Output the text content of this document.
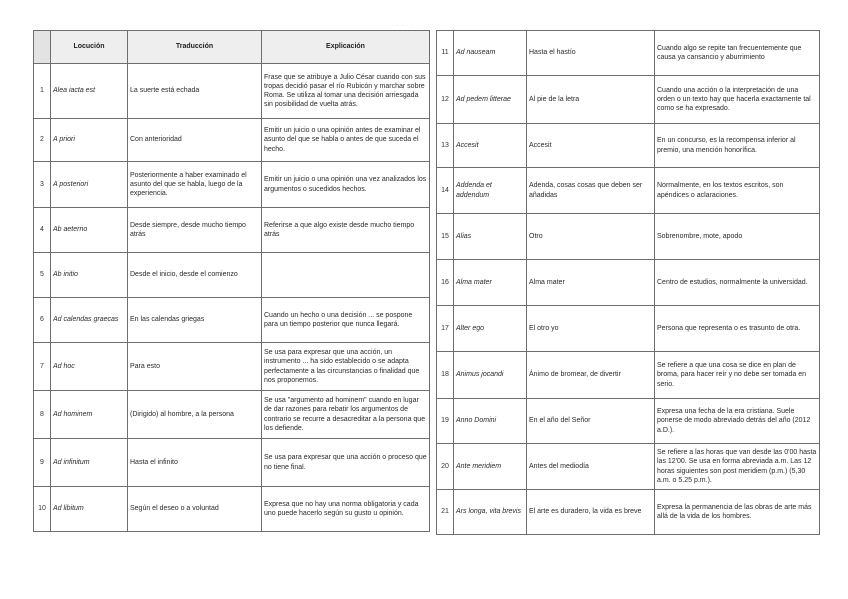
· · · · ·
	Locución	Traducción	Explicación
1	Alea iacta est	La suerte está echada	Frase que se atribuye a Julio César cuando con sus tropas decidió pasar el río Rubicón y marchar sobre Roma. Se utiliza al tomar una decisión arriesgada sin posibilidad de vuelta atrás.
2	A priori	Con anterioridad	Emitir un juicio o una opinión antes de examinar el asunto del que se habla o antes de que suceda el hecho.
3	A posteriori	Posteriormente a haber examinado el asunto del que se habla, luego de la experiencia.	Emitir un juicio o una opinión una vez analizados los argumentos o sucedidos hechos.
4	Ab aeterno	Desde siempre, desde mucho tiempo atrás	Referirse a que algo existe desde mucho tiempo atrás
5	Ab initio	Desde el inicio, desde el comienzo	
6	Ad calendas graecas	En las calendas griegas	Cuando un hecho o una decisión ... se pospone para un tiempo posterior que nunca llegará.
7	Ad hoc	Para esto	Se usa para expresar que una acción, un instrumento ... ha sido establecido o se adapta perfectamente a las circunstancias o finalidad que nos proponemos.
8	Ad hominem	(Dirigido) al hombre, a la persona	Se usa "argumento ad hominem" cuando en lugar de dar razones para rebatir los argumentos de contrario se recurre a desacreditar a la persona que los defiende.
9	Ad infinitum	Hasta el infinito	Se usa para expresar que una acción o proceso que no tiene final.
10	Ad libitum	Según el deseo o a voluntad	Expresa que no hay una norma obligatoria y cada uno puede hacerlo según su gusto u opinión.
11	Ad nauseam	Hasta el hastío	Cuando algo se repite tan frecuentemente que causa ya cansancio y aburrimiento
12	Ad pedem litterae	Al pie de la letra	Cuando una acción o la interpretación de una orden o un texto hay que hacerla exactamente tal como se ha expresado.
13	Accesit	Accesit	En un concurso, es la recompensa inferior al premio, una mención honorífica.
14	Addenda et addendum	Adenda, cosas cosas que deben ser añadidas	Normalmente, en los textos escritos, son apéndices o aclaraciones.
15	Alias	Otro	Sobrenombre, mote, apodo
16	Alma mater	Alma mater	Centro de estudios, normalmente la universidad.
17	Alter ego	El otro yo	Persona que representa o es trasunto de otra.
18	Animus jocandi	Ánimo de bromear, de divertir	Se refiere a que una cosa se dice en plan de broma, para hacer reír y no debe ser tomada en serio.
19	Anno Domini	En el año del Señor	Expresa una fecha de la era cristiana. Suele ponerse de modo abreviado detrás del año (2012 a.D.).
20	Ante meridiem	Antes del mediodía	Se refiere a las horas que van desde las 0'00 hasta las 12'00. Se usa en forma abreviada a.m. Las 12 horas siguientes son post meridiem (p.m.) (5,30 a.m. o 5.25 p.m.).
21	Ars longa, vita brevis	El arte es duradero, la vida es breve	Expresa la permanencia de las obras de arte más allá de la vida de los hombres.
